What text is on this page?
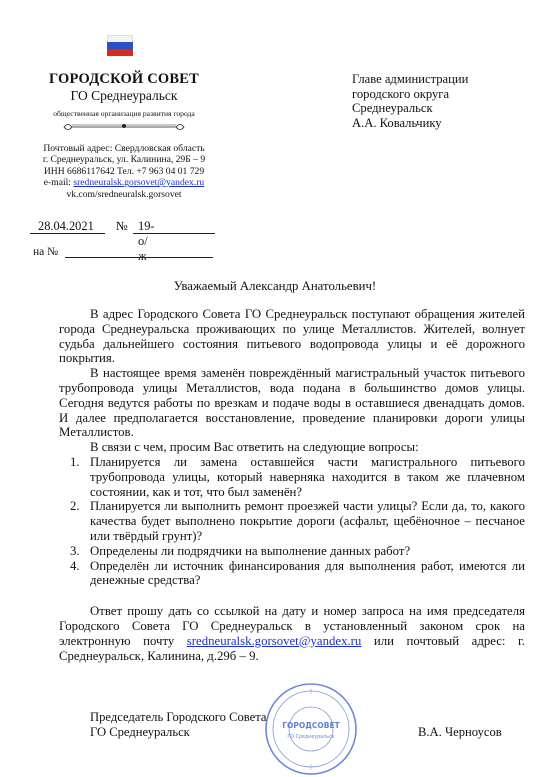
ГОРОДСКОЙ СОВЕТ
ГО Среднеуральск
общественная организация развития города
Почтовый адрес: Свердловская область
г. Среднеуральск, ул. Калинина, 29Б – 9
ИНН 6686117642 Тел. +7 963 04 01 729
e-mail: sredneuralsk.gorsovet@yandex.ru
vk.com/sredneuralsk.gorsovet
Главе администрации
городского округа
Среднеуральск
А.А. Ковальчику
28.04.2021 № 19-о/ж
на №
Уважаемый Александр Анатольевич!

В адрес Городского Совета ГО Среднеуральск поступают обращения жителей города Среднеуральска проживающих по улице Металлистов. Жителей, волнует судьба дальнейшего состояния питьевого водопровода улицы и её дорожного покрытия.

В настоящее время заменён повреждённый магистральный участок питьевого трубопровода улицы Металлистов, вода подана в большинство домов улицы. Сегодня ведутся работы по врезкам и подаче воды в оставшиеся двенадцать домов. И далее предполагается восстановление, проведение планировки дороги улицы Металлистов.

В связи с чем, просим Вас ответить на следующие вопросы:

1. Планируется ли замена оставшейся части магистрального питьевого трубопровода улицы, который наверняка находится в таком же плачевном состоянии, как и тот, что был заменён?
2. Планируется ли выполнить ремонт проезжей части улицы? Если да, то, какого качества будет выполнено покрытие дороги (асфальт, щебёночное – песчаное или твёрдый грунт)?
3. Определены ли подрядчики на выполнение данных работ?
4. Определён ли источник финансирования для выполнения работ, имеются ли денежные средства?

Ответ прошу дать со ссылкой на дату и номер запроса на имя председателя Городского Совета ГО Среднеуральск в установленный законом срок на электронную почту sredneuralsk.gorsovet@yandex.ru или почтовый адрес: г. Среднеуральск, Калинина, д.29б – 9.

ГОРОДСОВЕТ
ГО Среднеуральск
Председатель Городского Совета
ГО Среднеуральск	В.А. Черноусов
